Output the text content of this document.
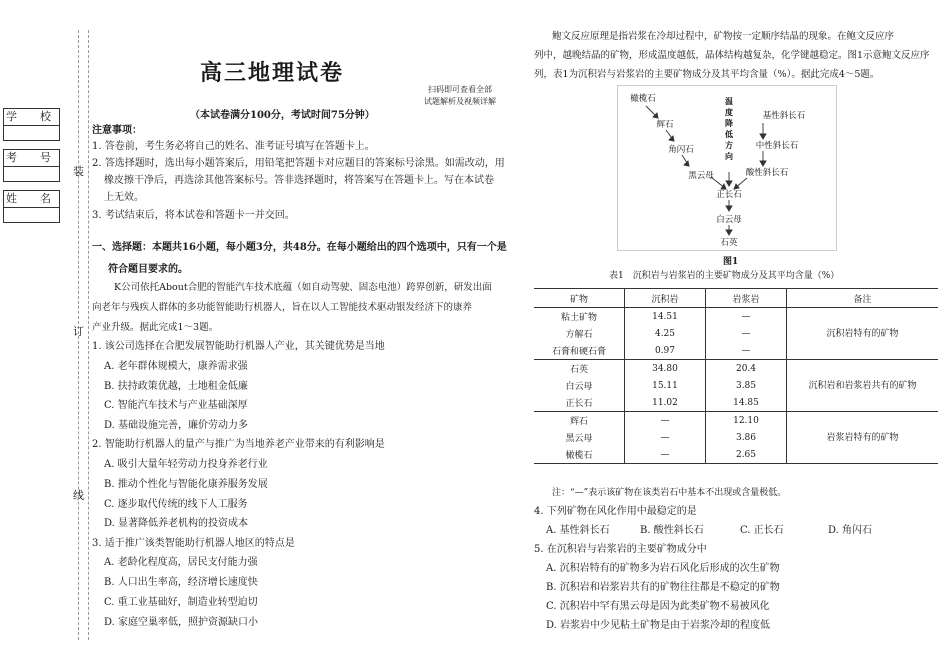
学　校
考　号
姓　名
装
订
线
高三地理试卷
扫码即可查看全部
试题解析及视频详解
（本试卷满分100分，考试时间75分钟）
注意事项：
1. 答卷前，考生务必将自己的姓名、准考证号填写在答题卡上。
2. 答选择题时，选出每小题答案后，用铅笔把答题卡对应题目的答案标号涂黑。如需改动，用
橡皮擦干净后，再选涂其他答案标号。答非选择题时，将答案写在答题卡上。写在本试卷
上无效。
3. 考试结束后，将本试卷和答题卡一并交回。
一、选择题：本题共16小题，每小题3分，共48分。在每小题给出的四个选项中，只有一个是
符合题目要求的。
K公司依托About合肥的智能汽车技术底蕴（如自动驾驶、固态电池）跨界创新，研发出面
向老年与残疾人群体的多功能智能助行机器人，旨在以人工智能技术驱动银发经济下的康养
产业升级。据此完成1～3题。
1. 该公司选择在合肥发展智能助行机器人产业，其关键优势是当地
A. 老年群体规模大，康养需求强
B. 扶持政策优越，土地租金低廉
C. 智能汽车技术与产业基础深厚
D. 基础设施完善，廉价劳动力多
2. 智能助行机器人的量产与推广为当地养老产业带来的有利影响是
A. 吸引大量年轻劳动力投身养老行业
B. 推动个性化与智能化康养服务发展
C. 逐步取代传统的线下人工服务
D. 显著降低养老机构的投资成本
3. 适于推广该类智能助行机器人地区的特点是
A. 老龄化程度高，居民支付能力强
B. 人口出生率高，经济增长速度快
C. 重工业基础好，制造业转型迫切
D. 家庭空巢率低，照护资源缺口小
鲍文反应原理是指岩浆在冷却过程中，矿物按一定顺序结晶的现象。在鲍文反应序
列中，越晚结晶的矿物，形成温度越低，晶体结构越复杂，化学键越稳定。图1示意鲍文反应序
列，表1为沉积岩与岩浆岩的主要矿物成分及其平均含量（%）。据此完成4～5题。
橄榄石
辉石
角闪石
黑云母
基性斜长石
中性斜长石
酸性斜长石
正长石
白云母
石英
温
度
降
低
方
向
图1
表1　沉积岩与岩浆岩的主要矿物成分及其平均含量（%）
矿物	沉积岩	岩浆岩	备注
粘土矿物	14.51	—	沉积岩特有的矿物
方解石	4.25	—	
石膏和硬石膏	0.97	—	
石英	34.80	20.4	沉积岩和岩浆岩共有的矿物
白云母	15.11	3.85	
正长石	11.02	14.85	
辉石	—	12.10	岩浆岩特有的矿物
黑云母	—	3.86	
橄榄石	—	2.65	
注：“—”表示该矿物在该类岩石中基本不出现或含量极低。
4. 下列矿物在风化作用中最稳定的是
A. 基性斜长石	B. 酸性斜长石	C. 正长石	D. 角闪石
5. 在沉积岩与岩浆岩的主要矿物成分中
A. 沉积岩特有的矿物多为岩石风化后形成的次生矿物
B. 沉积岩和岩浆岩共有的矿物往往都是不稳定的矿物
C. 沉积岩中罕有黑云母是因为此类矿物不易被风化
D. 岩浆岩中少见粘土矿物是由于岩浆冷却的程度低
